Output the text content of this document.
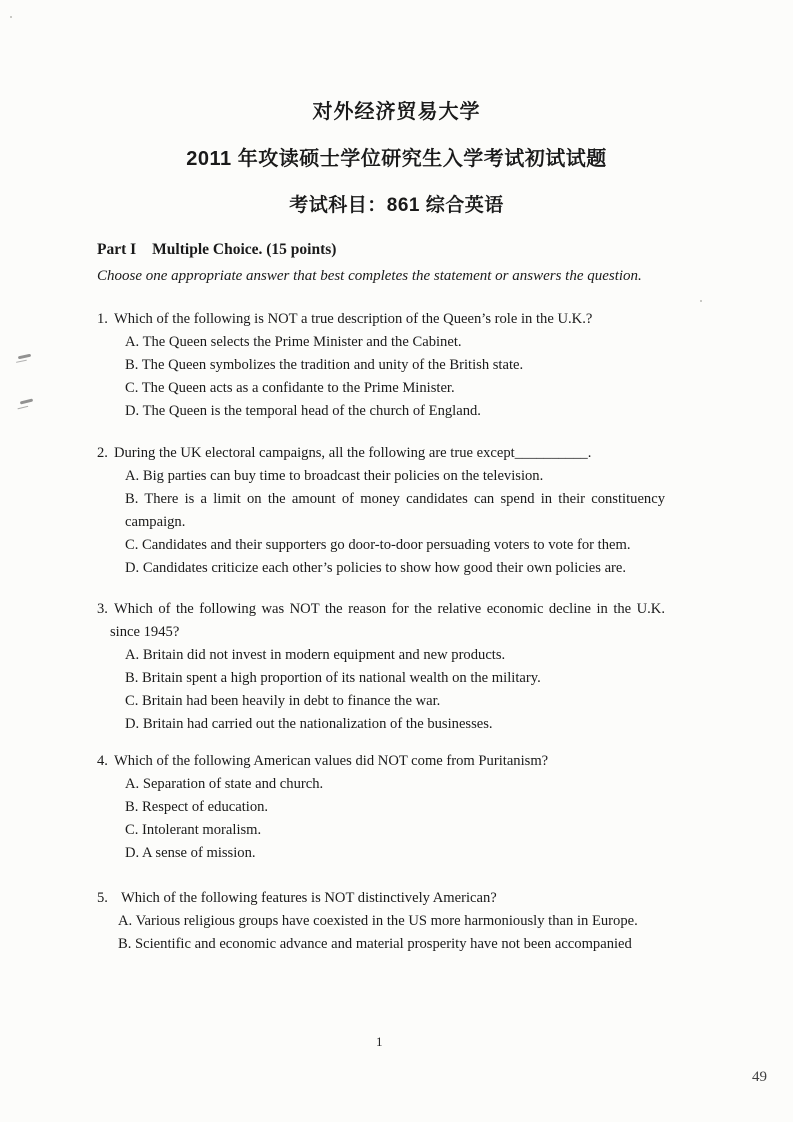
对外经济贸易大学
2011 年攻读硕士学位研究生入学考试初试试题
考试科目：861 综合英语
Part I Multiple Choice. (15 points)
Choose one appropriate answer that best completes the statement or answers the question.
1. Which of the following is NOT a true description of the Queen’s role in the U.K.?
A. The Queen selects the Prime Minister and the Cabinet.
B. The Queen symbolizes the tradition and unity of the British state.
C. The Queen acts as a confidante to the Prime Minister.
D. The Queen is the temporal head of the church of England.
2. During the UK electoral campaigns, all the following are true except__________.
A. Big parties can buy time to broadcast their policies on the television.
B. There is a limit on the amount of money candidates can spend in their constituency campaign.
C. Candidates and their supporters go door-to-door persuading voters to vote for them.
D. Candidates criticize each other’s policies to show how good their own policies are.
3. Which of the following was NOT the reason for the relative economic decline in the U.K. since 1945?
A. Britain did not invest in modern equipment and new products.
B. Britain spent a high proportion of its national wealth on the military.
C. Britain had been heavily in debt to finance the war.
D. Britain had carried out the nationalization of the businesses.
4. Which of the following American values did NOT come from Puritanism?
A. Separation of state and church.
B. Respect of education.
C. Intolerant moralism.
D. A sense of mission.
5. Which of the following features is NOT distinctively American?
A. Various religious groups have coexisted in the US more harmoniously than in Europe.
B. Scientific and economic advance and material prosperity have not been accompanied
1
49
